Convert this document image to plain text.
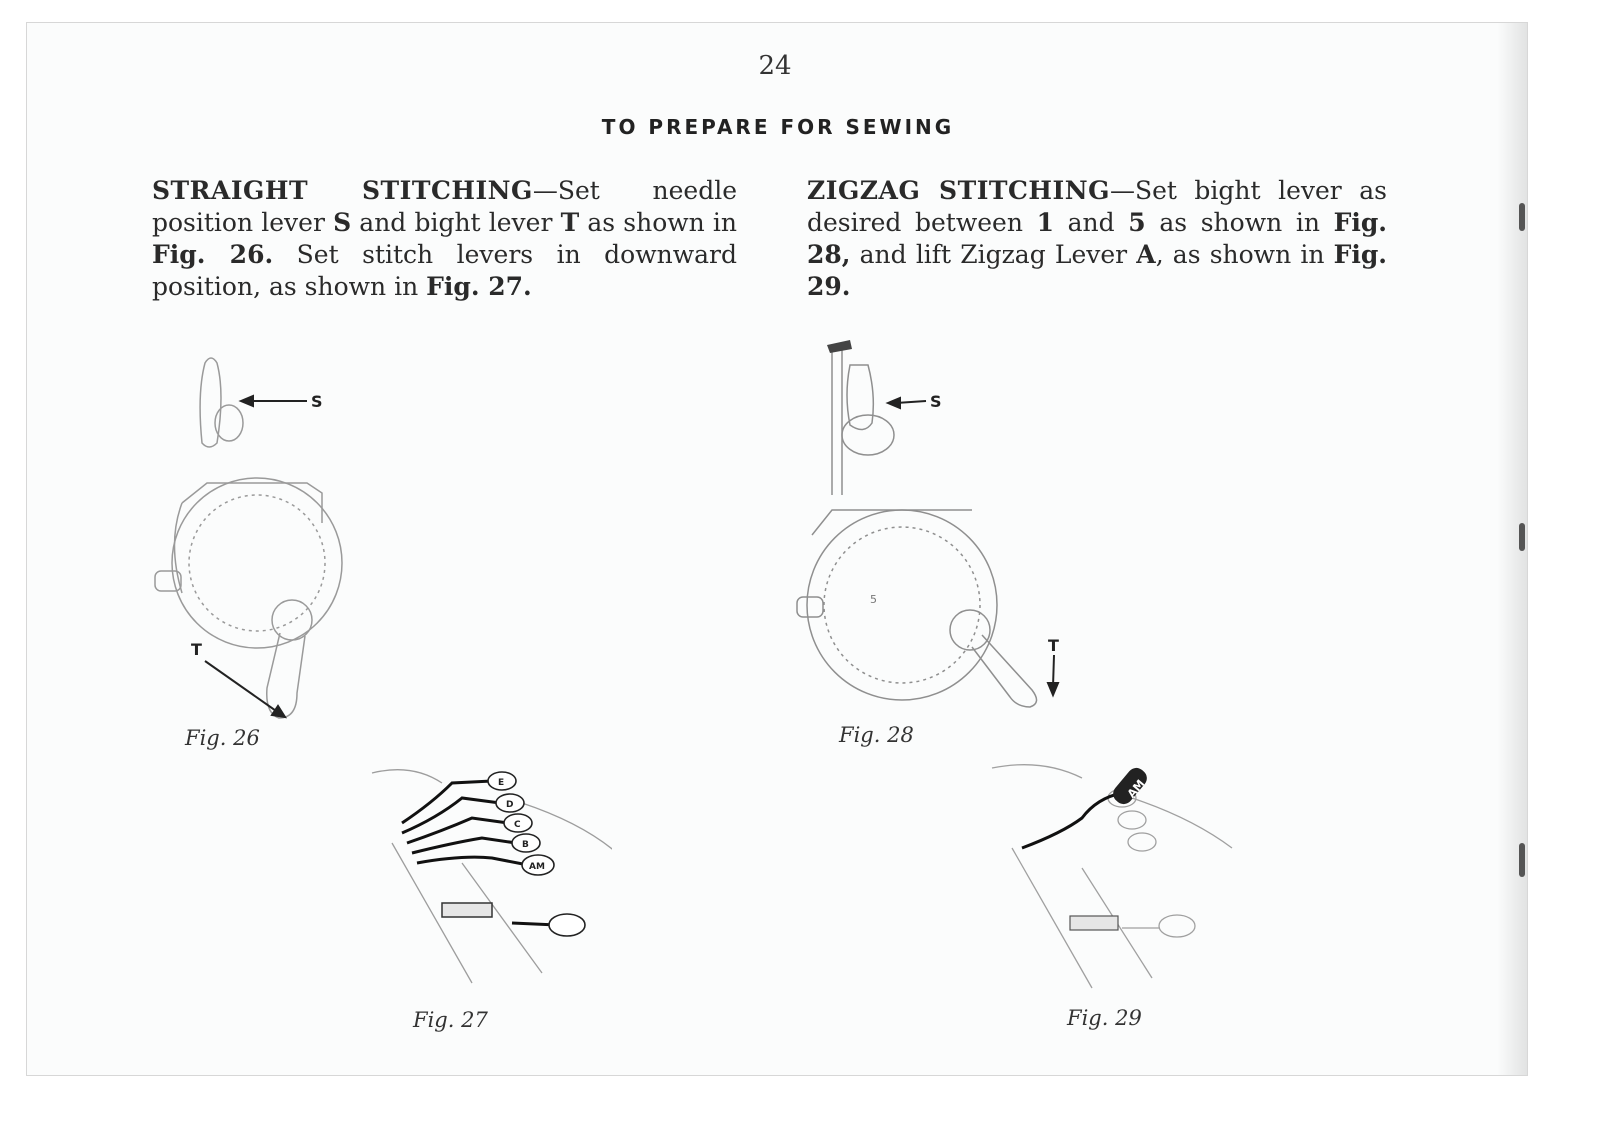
24
TO PREPARE FOR SEWING
STRAIGHT STITCHING—Set needle position lever S and bight lever T as shown in Fig. 26. Set stitch levers in downward position, as shown in Fig. 27.
ZIGZAG STITCHING—Set bight lever as desired between 1 and 5 as shown in Fig. 28, and lift Zigzag Lever A, as shown in Fig. 29.
S
T
Fig. 26
E
D
C
B
AM
Fig. 27
S
T
5
Fig. 28
AM
Fig. 29
